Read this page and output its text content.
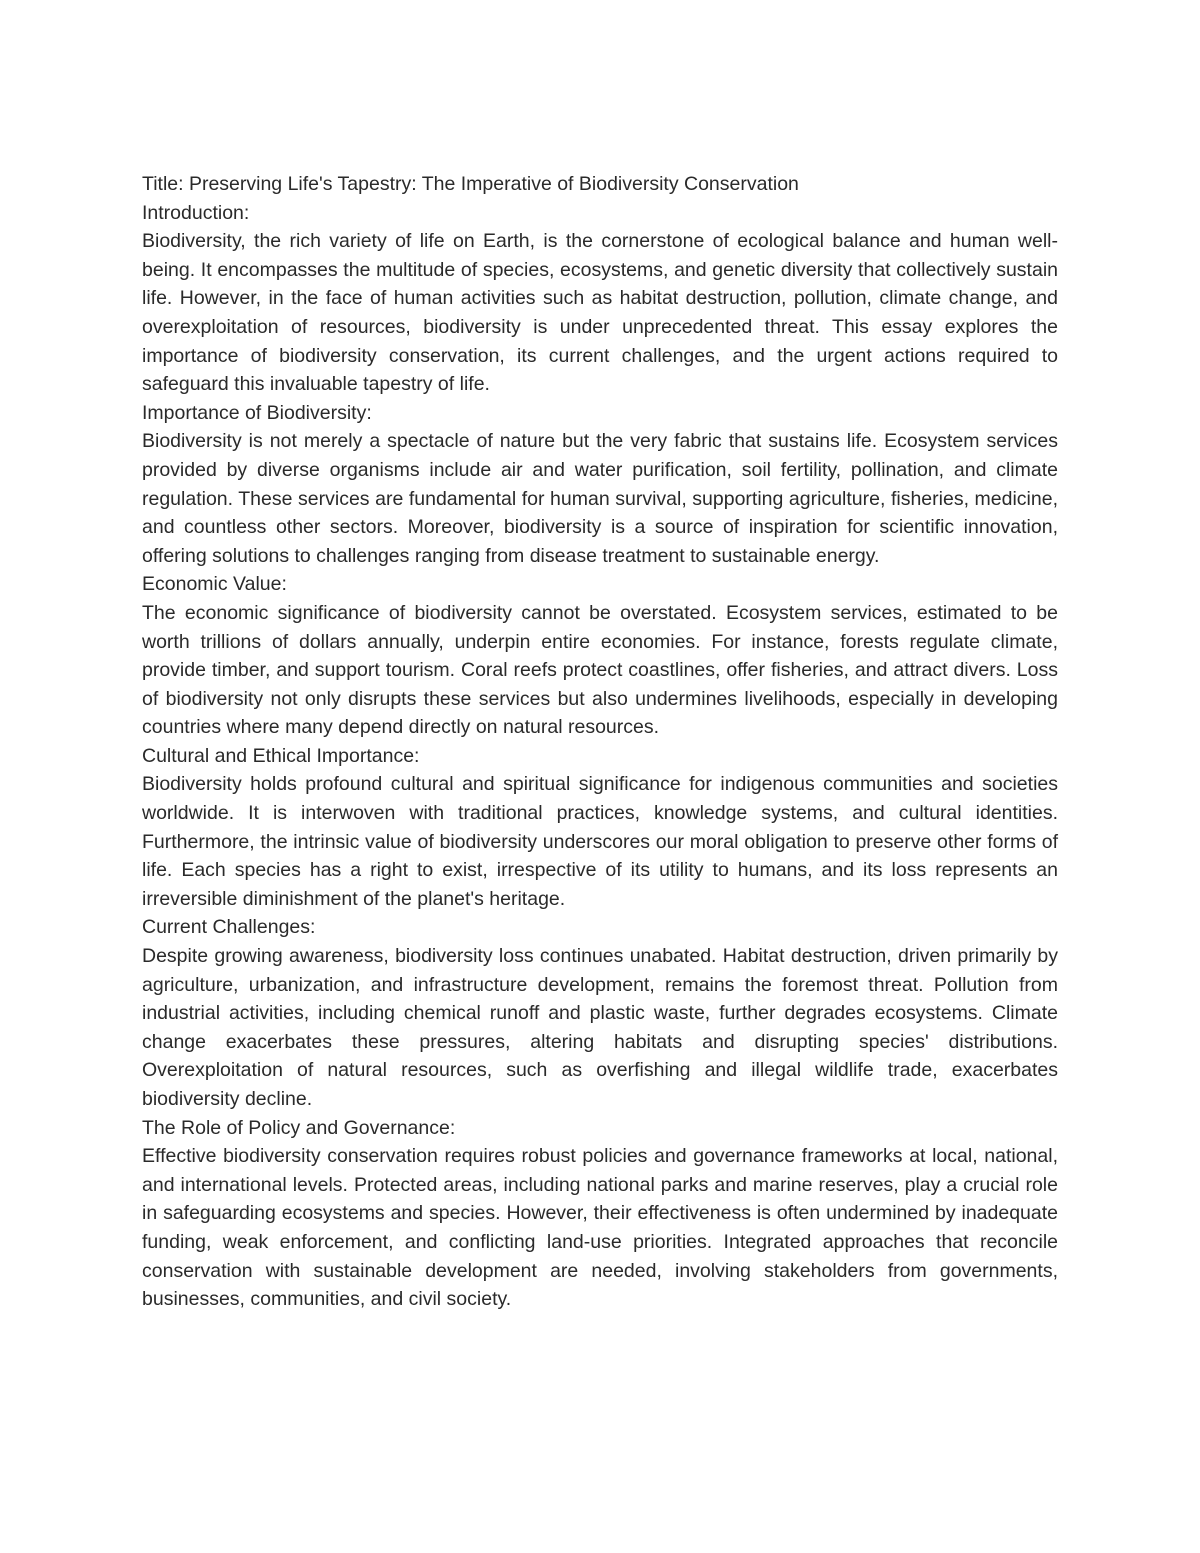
Title: Preserving Life's Tapestry: The Imperative of Biodiversity Conservation

Introduction:

Biodiversity, the rich variety of life on Earth, is the cornerstone of ecological balance and human well-being. It encompasses the multitude of species, ecosystems, and genetic diversity that collectively sustain life. However, in the face of human activities such as habitat destruction, pollution, climate change, and overexploitation of resources, biodiversity is under unprecedented threat. This essay explores the importance of biodiversity conservation, its current challenges, and the urgent actions required to safeguard this invaluable tapestry of life.

Importance of Biodiversity:

Biodiversity is not merely a spectacle of nature but the very fabric that sustains life. Ecosystem services provided by diverse organisms include air and water purification, soil fertility, pollination, and climate regulation. These services are fundamental for human survival, supporting agriculture, fisheries, medicine, and countless other sectors. Moreover, biodiversity is a source of inspiration for scientific innovation, offering solutions to challenges ranging from disease treatment to sustainable energy.

Economic Value:

The economic significance of biodiversity cannot be overstated. Ecosystem services, estimated to be worth trillions of dollars annually, underpin entire economies. For instance, forests regulate climate, provide timber, and support tourism. Coral reefs protect coastlines, offer fisheries, and attract divers. Loss of biodiversity not only disrupts these services but also undermines livelihoods, especially in developing countries where many depend directly on natural resources.

Cultural and Ethical Importance:

Biodiversity holds profound cultural and spiritual significance for indigenous communities and societies worldwide. It is interwoven with traditional practices, knowledge systems, and cultural identities. Furthermore, the intrinsic value of biodiversity underscores our moral obligation to preserve other forms of life. Each species has a right to exist, irrespective of its utility to humans, and its loss represents an irreversible diminishment of the planet's heritage.

Current Challenges:

Despite growing awareness, biodiversity loss continues unabated. Habitat destruction, driven primarily by agriculture, urbanization, and infrastructure development, remains the foremost threat. Pollution from industrial activities, including chemical runoff and plastic waste, further degrades ecosystems. Climate change exacerbates these pressures, altering habitats and disrupting species' distributions. Overexploitation of natural resources, such as overfishing and illegal wildlife trade, exacerbates biodiversity decline.

The Role of Policy and Governance:

Effective biodiversity conservation requires robust policies and governance frameworks at local, national, and international levels. Protected areas, including national parks and marine reserves, play a crucial role in safeguarding ecosystems and species. However, their effectiveness is often undermined by inadequate funding, weak enforcement, and conflicting land-use priorities. Integrated approaches that reconcile conservation with sustainable development are needed, involving stakeholders from governments, businesses, communities, and civil society.
